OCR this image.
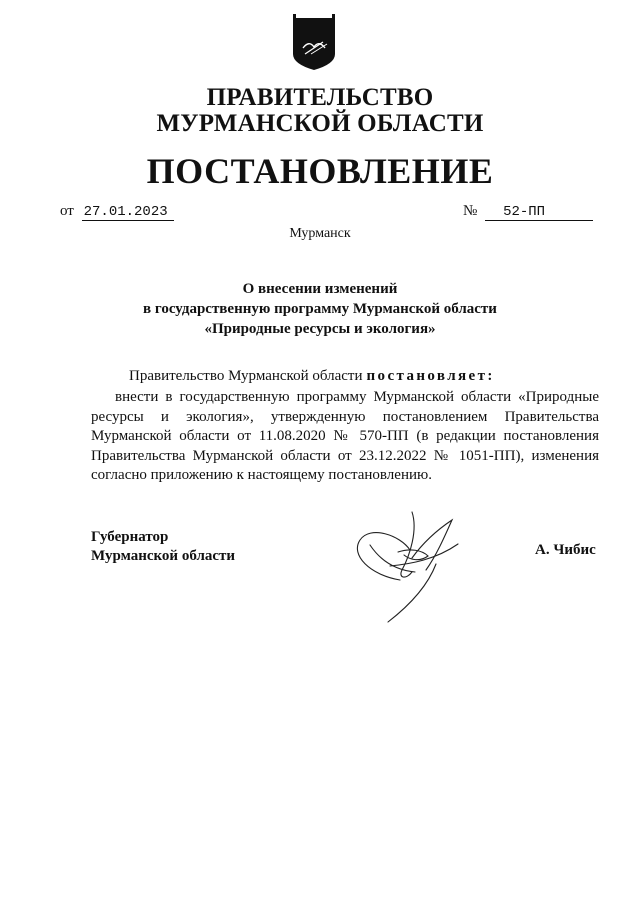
ПРАВИТЕЛЬСТВО
МУРМАНСКОЙ ОБЛАСТИ
ПОСТАНОВЛЕНИЕ
от 27.01.2023	№ 52-ПП
Мурманск
О внесении изменений
в государственную программу Мурманской области
«Природные ресурсы и экология»
Правительство Мурманской области постановляет:
внести в государственную программу Мурманской области «Природные ресурсы и экология», утвержденную постановлением Правительства Мурманской области от 11.08.2020 № 570-ПП (в редакции постановления Правительства Мурманской области от 23.12.2022 № 1051-ПП), изменения согласно приложению к настоящему постановлению.
Губернатор
Мурманской области	А. Чибис
